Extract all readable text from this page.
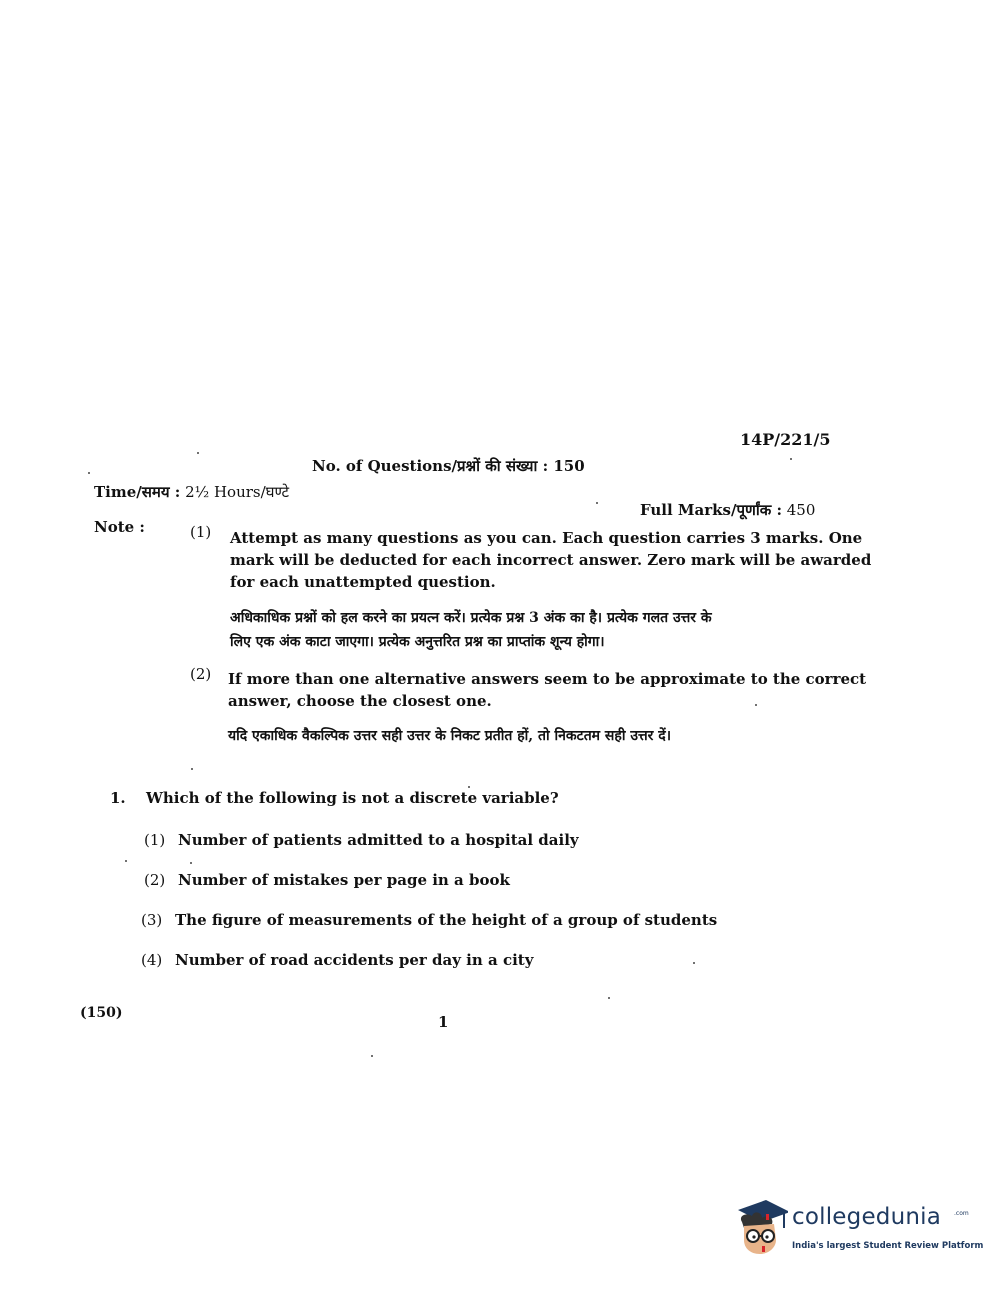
14P/221/5
No. of Questions/प्रश्नों की संख्या : 150
Time/समय : 2½ Hours/घण्टे
Full Marks/पूर्णांक : 450
Note :	(1) Attempt as many questions as you can. Each question carries 3 marks. One
mark will be deducted for each incorrect answer. Zero mark will be awarded
for each unattempted question.
अधिकाधिक प्रश्नों को हल करने का प्रयत्न करें। प्रत्येक प्रश्न 3 अंक का है। प्रत्येक गलत उत्तर के
लिए एक अंक काटा जाएगा। प्रत्येक अनुत्तरित प्रश्न का प्राप्तांक शून्य होगा।
(2) If more than one alternative answers seem to be approximate to the correct
answer, choose the closest one.
यदि एकाधिक वैकल्पिक उत्तर सही उत्तर के निकट प्रतीत हों, तो निकटतम सही उत्तर दें।
1. Which of the following is not a discrete variable?
(1) Number of patients admitted to a hospital daily
(2) Number of mistakes per page in a book
(3) The figure of measurements of the height of a group of students
(4) Number of road accidents per day in a city
(150)	1
collegedunia .com
India's largest Student Review Platform
